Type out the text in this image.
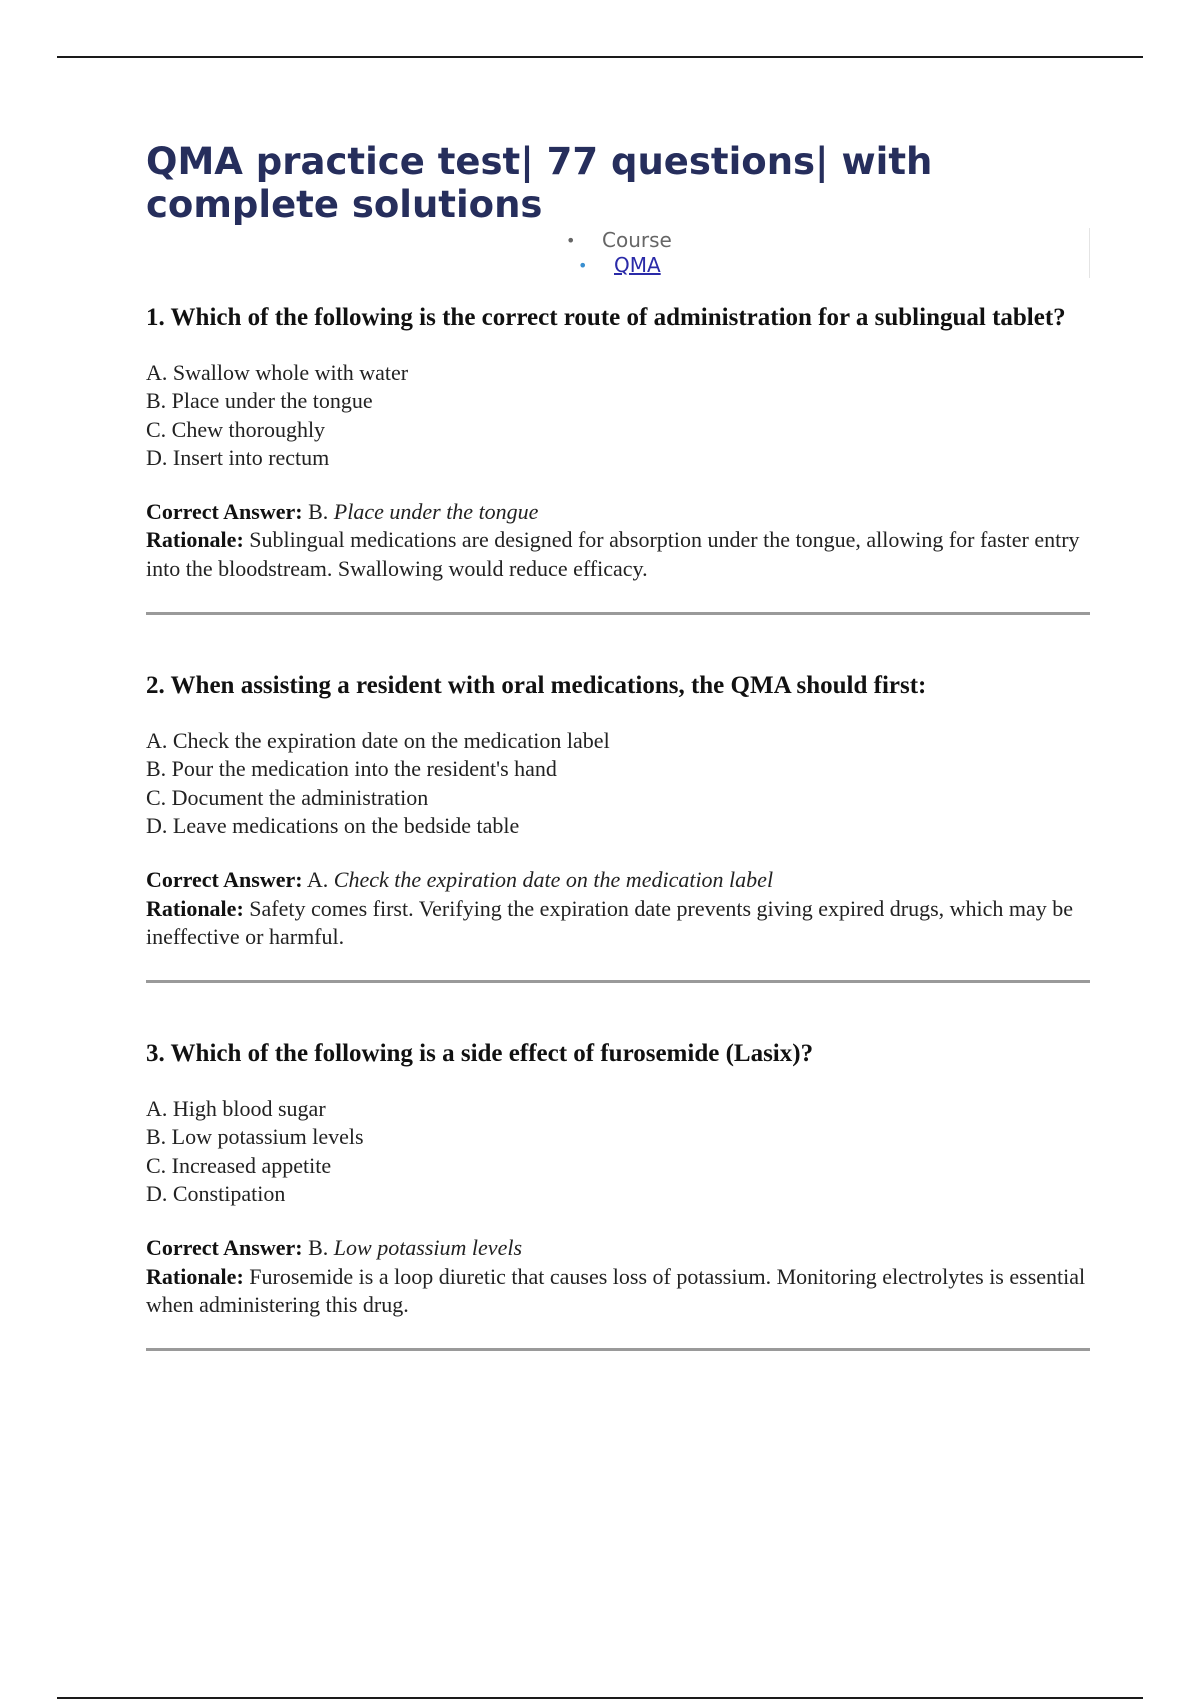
QMA practice test| 77 questions| with complete solutions
• Course
• QMA
1. Which of the following is the correct route of administration for a sublingual tablet?
A. Swallow whole with water
B. Place under the tongue
C. Chew thoroughly
D. Insert into rectum
Correct Answer: B. Place under the tongue
Rationale: Sublingual medications are designed for absorption under the tongue, allowing for faster entry into the bloodstream. Swallowing would reduce efficacy.
2. When assisting a resident with oral medications, the QMA should first:
A. Check the expiration date on the medication label
B. Pour the medication into the resident's hand
C. Document the administration
D. Leave medications on the bedside table
Correct Answer: A. Check the expiration date on the medication label
Rationale: Safety comes first. Verifying the expiration date prevents giving expired drugs, which may be ineffective or harmful.
3. Which of the following is a side effect of furosemide (Lasix)?
A. High blood sugar
B. Low potassium levels
C. Increased appetite
D. Constipation
Correct Answer: B. Low potassium levels
Rationale: Furosemide is a loop diuretic that causes loss of potassium. Monitoring electrolytes is essential when administering this drug.
